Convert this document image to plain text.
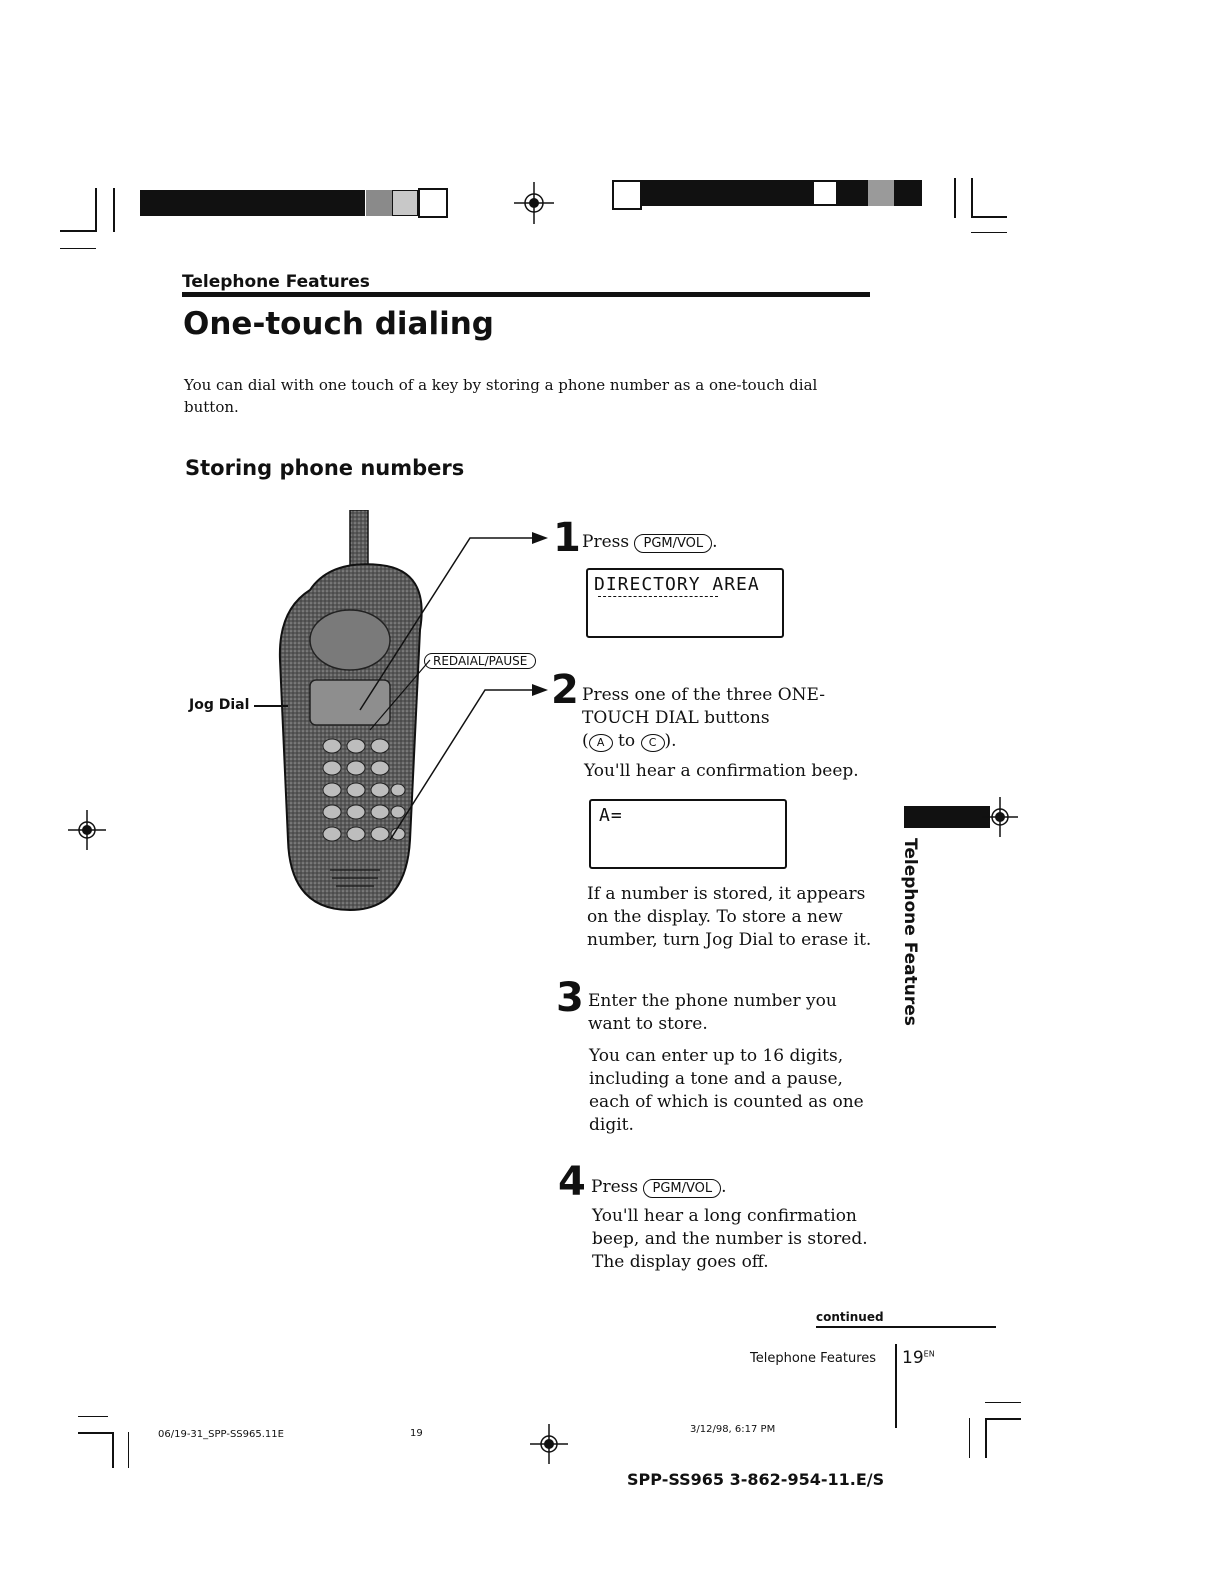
Telephone Features
One-touch dialing
You can dial with one touch of a key by storing a phone number as a one-touch dial button.
Storing phone numbers
Jog Dial
REDAIAL/PAUSE
1 Press PGM/VOL .
DIRECTORY AREA
2 Press one of the three ONE-TOUCH DIAL buttons
( A to C ).
You'll hear a confirmation beep.
A=
If a number is stored, it appears on the display. To store a new number, turn Jog Dial to erase it.
3 Enter the phone number you want to store.
You can enter up to 16 digits, including a tone and a pause, each of which is counted as one digit.
4 Press PGM/VOL .
You'll hear a long confirmation beep, and the number is stored. The display goes off.
Telephone Features
continued
Telephone Features $19^{EN}$
06/19-31_SPP-SS965.11E	19	3/12/98, 6:17 PM
SPP-SS965 3-862-954-11.E/S
